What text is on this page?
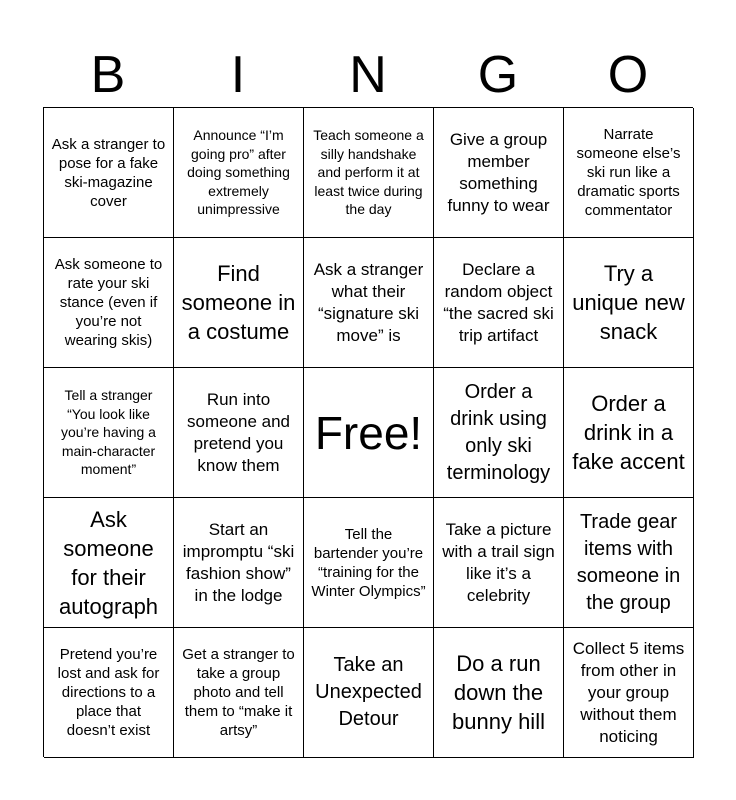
B	I	N	G	O
Ask a stranger to pose for a fake ski-magazine cover
Announce “I’m going pro” after doing something extremely unimpressive
Teach someone a silly handshake and perform it at least twice during the day
Give a group member something funny to wear
Narrate someone else’s ski run like a dramatic sports commentator
Ask someone to rate your ski stance (even if you’re not wearing skis)
Find someone in a costume
Ask a stranger what their “signature ski move” is
Declare a random object “the sacred ski trip artifact
Try a unique new snack
Tell a stranger “You look like you’re having a main-character moment”
Run into someone and pretend you know them
Free!
Order a drink using only ski terminology
Order a drink in a fake accent
Ask someone for their autograph
Start an impromptu “ski fashion show” in the lodge
Tell the bartender you’re “training for the Winter Olympics”
Take a picture with a trail sign like it’s a celebrity
Trade gear items with someone in the group
Pretend you’re lost and ask for directions to a place that doesn’t exist
Get a stranger to take a group photo and tell them to “make it artsy”
Take an Unexpected Detour
Do a run down the bunny hill
Collect 5 items from other in your group without them noticing
